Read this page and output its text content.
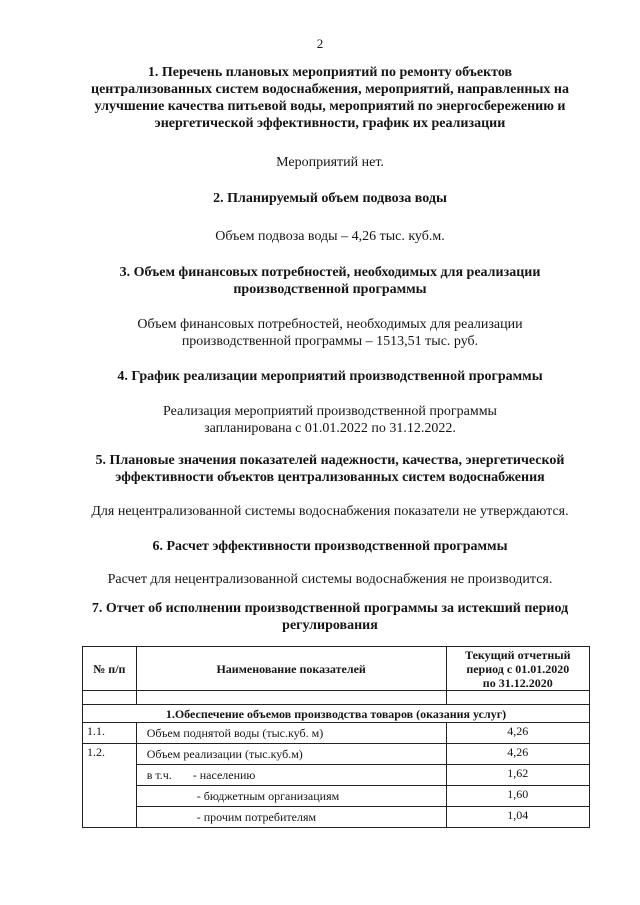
2
1. Перечень плановых мероприятий по ремонту объектов
централизованных систем водоснабжения, мероприятий, направленных на
улучшение качества питьевой воды, мероприятий по энергосбережению и
энергетической эффективности, график их реализации
Мероприятий нет.
2. Планируемый объем подвоза воды
Объем подвоза воды – 4,26 тыс. куб.м.
3. Объем финансовых потребностей, необходимых для реализации
производственной программы
Объем финансовых потребностей, необходимых для реализации
производственной программы – 1513,51 тыс. руб.
4. График реализации мероприятий производственной программы
Реализация мероприятий производственной программы
запланирована с 01.01.2022 по 31.12.2022.
5. Плановые значения показателей надежности, качества, энергетической
эффективности объектов централизованных систем водоснабжения
Для нецентрализованной системы водоснабжения показатели не утверждаются.
6. Расчет эффективности производственной программы
Расчет для нецентрализованной системы водоснабжения не производится.
7. Отчет об исполнении производственной программы за истекший период
регулирования
№ п/п	Наименование показателей	Текущий отчетный
период с 01.01.2020
по 31.12.2020

1.Обеспечение объемов производства товаров (оказания услуг)		
1.1.	Объем поднятой воды (тыс.куб. м)	4,26
1.2.	Объем реализации (тыс.куб.м)	4,26
	в т.ч. - населению	1,62
	- бюджетным организациям	1,60
	- прочим потребителям	1,04
